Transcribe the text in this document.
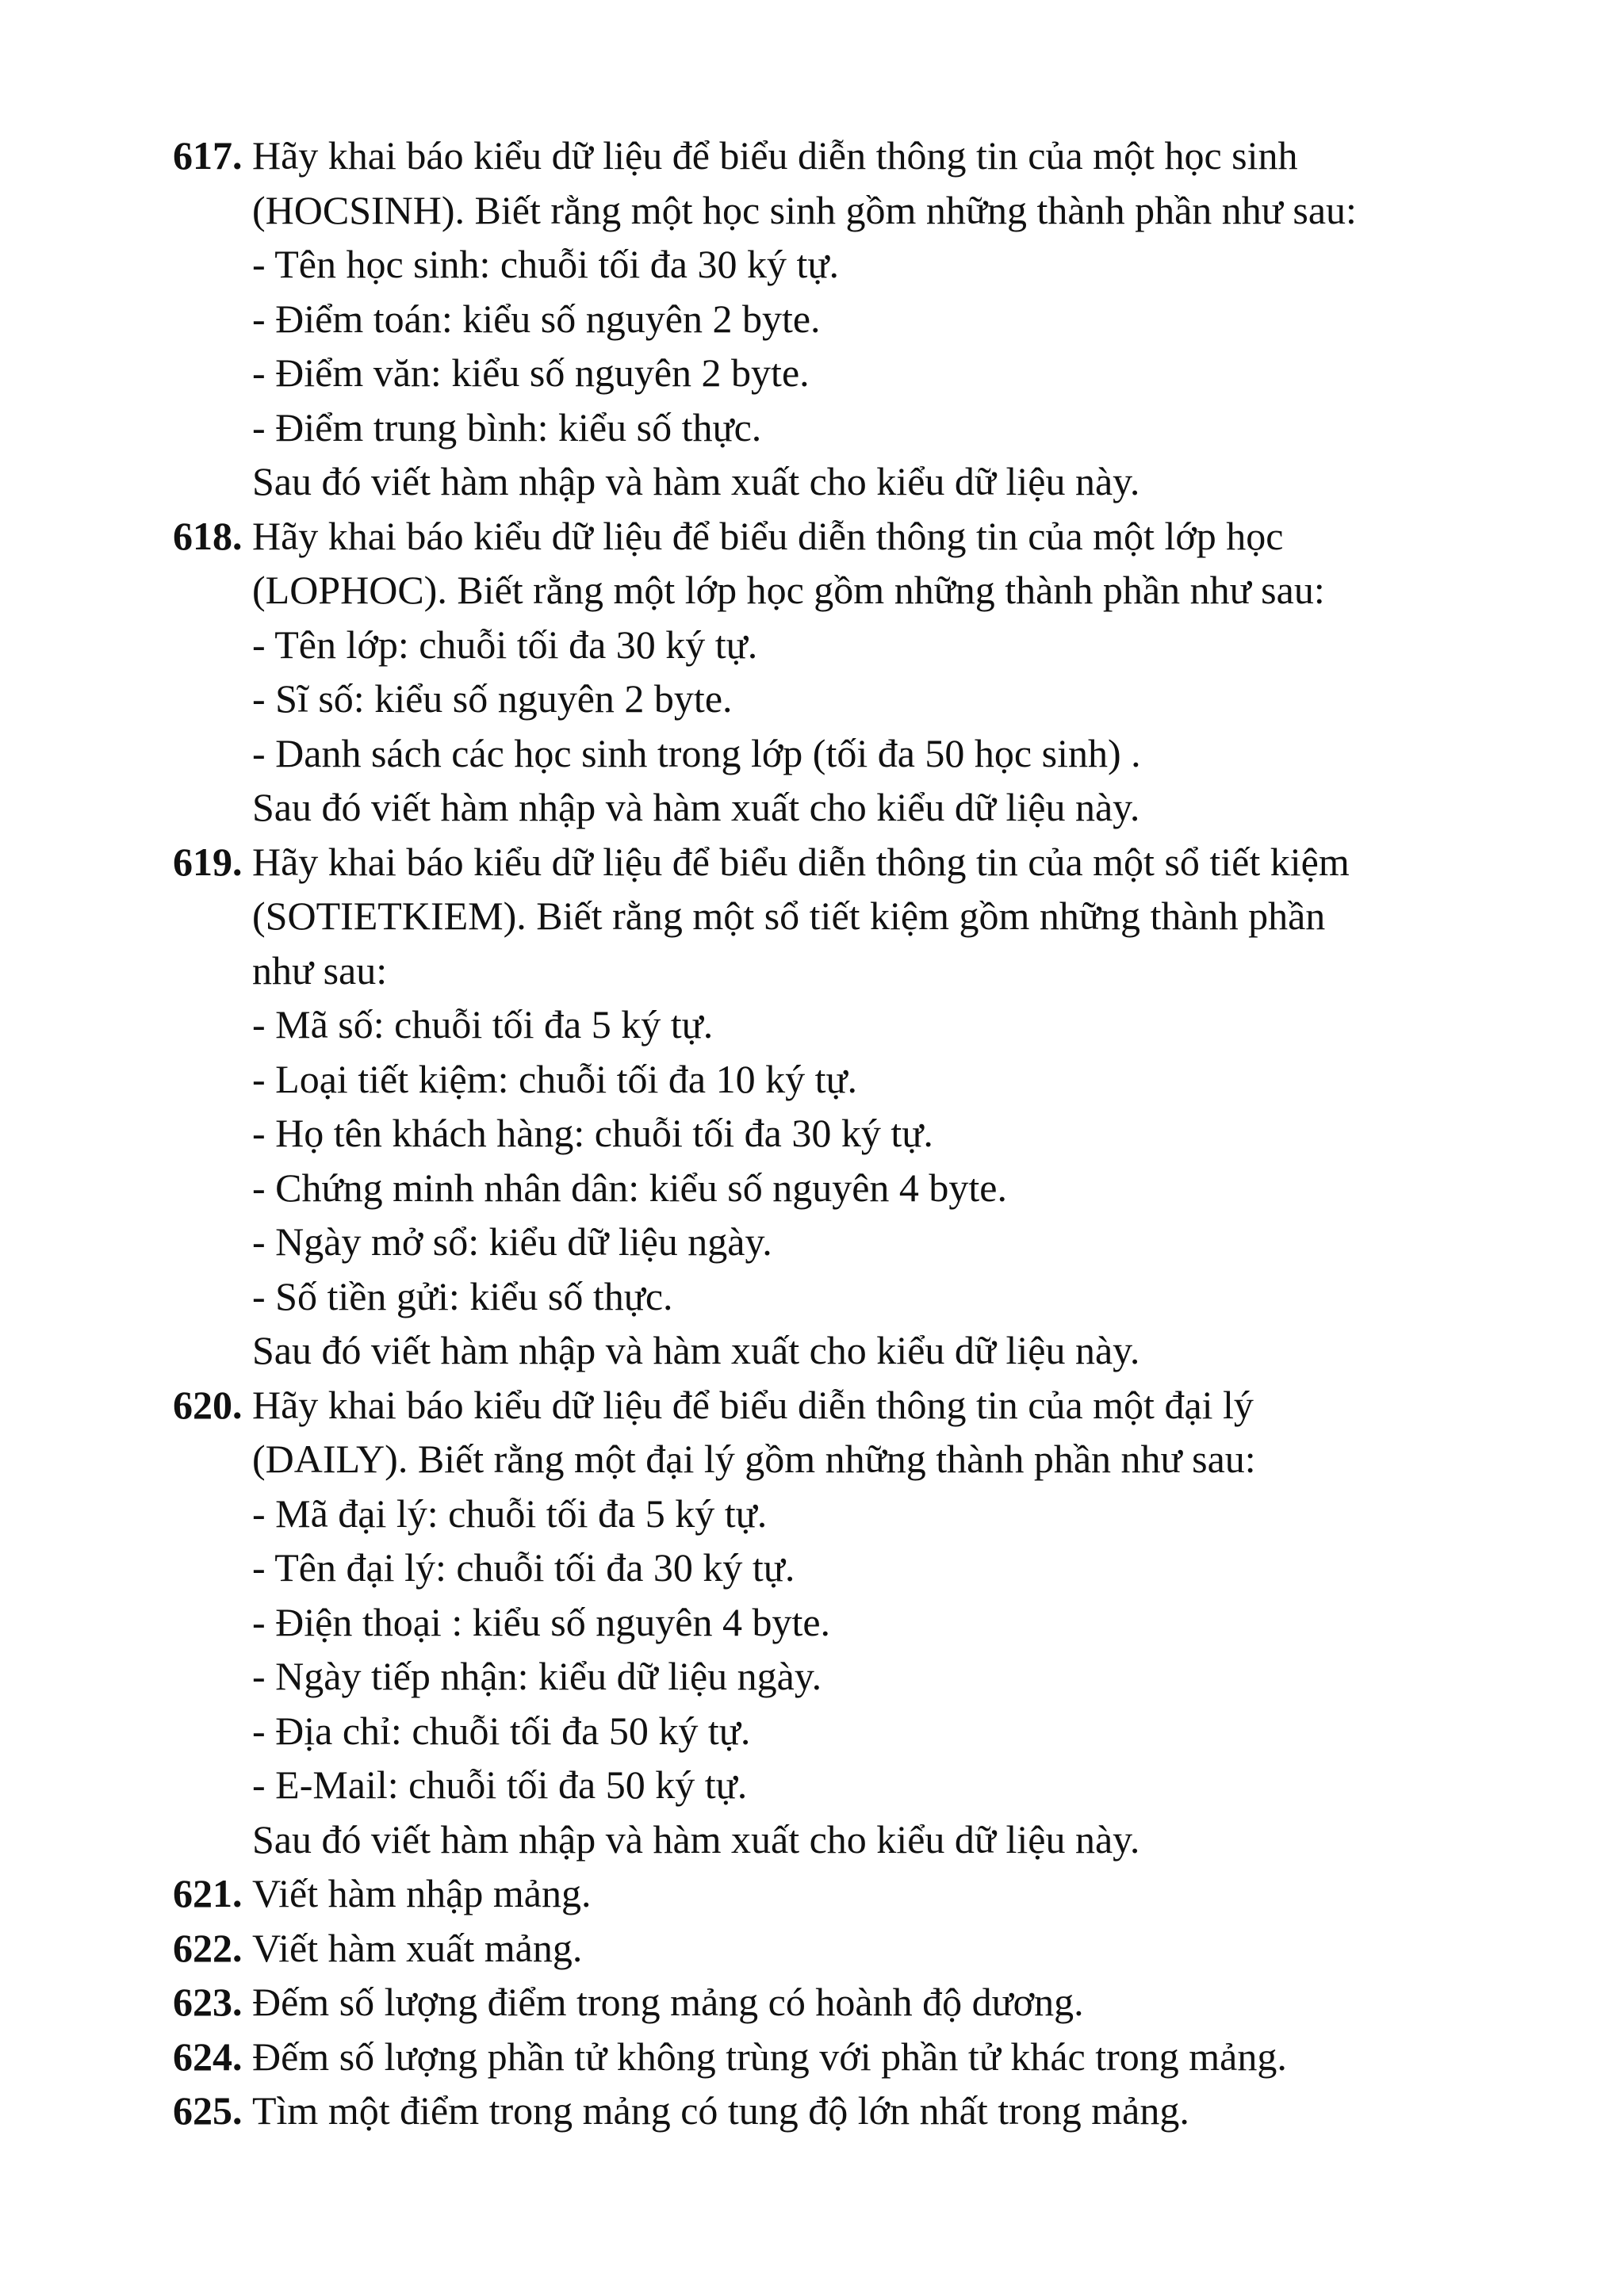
617. Hãy khai báo kiểu dữ liệu để biểu diễn thông tin của một học sinh
(HOCSINH). Biết rằng một học sinh gồm những thành phần như sau:
- Tên học sinh: chuỗi tối đa 30 ký tự.
- Điểm toán: kiểu số nguyên 2 byte.
- Điểm văn: kiểu số nguyên 2 byte.
- Điểm trung bình: kiểu số thực.
Sau đó viết hàm nhập và hàm xuất cho kiểu dữ liệu này.
618. Hãy khai báo kiểu dữ liệu để biểu diễn thông tin của một lớp học
(LOPHOC). Biết rằng một lớp học gồm những thành phần như sau:
- Tên lớp: chuỗi tối đa 30 ký tự.
- Sĩ số: kiểu số nguyên 2 byte.
- Danh sách các học sinh trong lớp (tối đa 50 học sinh) .
Sau đó viết hàm nhập và hàm xuất cho kiểu dữ liệu này.
619. Hãy khai báo kiểu dữ liệu để biểu diễn thông tin của một sổ tiết kiệm
(SOTIETKIEM). Biết rằng một sổ tiết kiệm gồm những thành phần
như sau:
- Mã số: chuỗi tối đa 5 ký tự.
- Loại tiết kiệm: chuỗi tối đa 10 ký tự.
- Họ tên khách hàng: chuỗi tối đa 30 ký tự.
- Chứng minh nhân dân: kiểu số nguyên 4 byte.
- Ngày mở sổ: kiểu dữ liệu ngày.
- Số tiền gửi: kiểu số thực.
Sau đó viết hàm nhập và hàm xuất cho kiểu dữ liệu này.
620. Hãy khai báo kiểu dữ liệu để biểu diễn thông tin của một đại lý
(DAILY). Biết rằng một đại lý gồm những thành phần như sau:
- Mã đại lý: chuỗi tối đa 5 ký tự.
- Tên đại lý: chuỗi tối đa 30 ký tự.
- Điện thoại : kiểu số nguyên 4 byte.
- Ngày tiếp nhận: kiểu dữ liệu ngày.
- Địa chỉ: chuỗi tối đa 50 ký tự.
- E-Mail: chuỗi tối đa 50 ký tự.
Sau đó viết hàm nhập và hàm xuất cho kiểu dữ liệu này.
621. Viết hàm nhập mảng.
622. Viết hàm xuất mảng.
623. Đếm số lượng điểm trong mảng có hoành độ dương.
624. Đếm số lượng phần tử không trùng với phần tử khác trong mảng.
625. Tìm một điểm trong mảng có tung độ lớn nhất trong mảng.
